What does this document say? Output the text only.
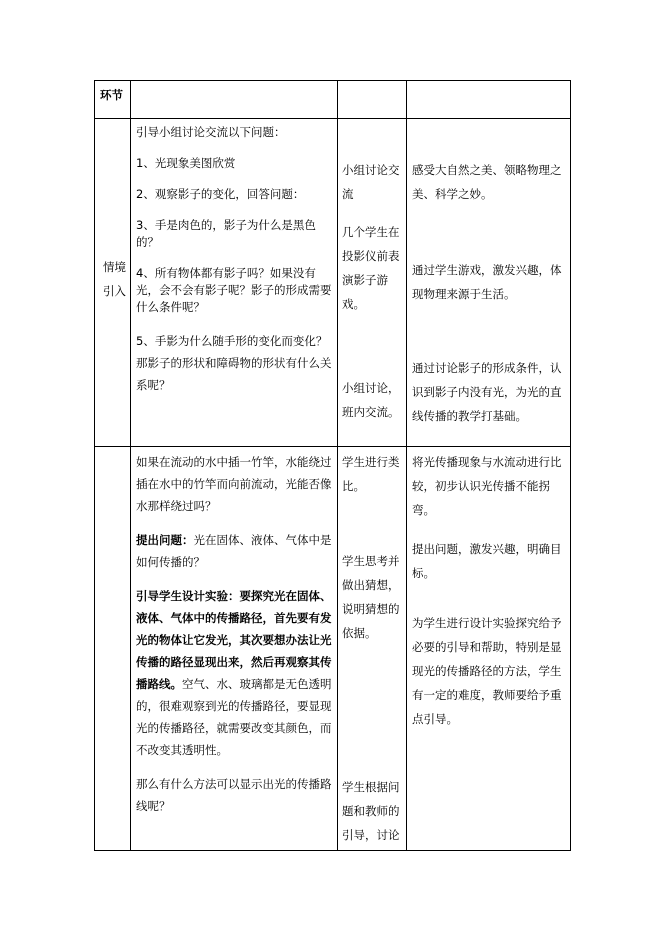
环节

情境

引入

引导小组讨论交流以下问题：

1、光现象美图欣赏

2、观察影子的变化，回答问题：

3、手是肉色的，影子为什么是黑色的？

4、所有物体都有影子吗？如果没有光，会不会有影子呢？影子的形成需要什么条件呢？

5、手影为什么随手形的变化而变化？那影子的形状和障碍物的形状有什么关系呢？

小组讨论交流
几个学生在投影仪前表演影子游戏。
小组讨论，班内交流。
感受大自然之美、领略物理之美、科学之妙。
通过学生游戏，激发兴趣，体现物理来源于生活。
通过讨论影子的形成条件，认识到影子内没有光，为光的直线传播的教学打基础。

如果在流动的水中插一竹竿，水能绕过插在水中的竹竿而向前流动，光能否像水那样绕过吗？

提出问题：光在固体、液体、气体中是如何传播的？

引导学生设计实验：要探究光在固体、液体、气体中的传播路径，首先要有发光的物体让它发光，其次要想办法让光传播的路径显现出来，然后再观察其传播路线。空气、水、玻璃都是无色透明的，很难观察到光的传播路径，要显现光的传播路径，就需要改变其颜色，而不改变其透明性。

那么有什么方法可以显示出光的传播路线呢？

学生进行类比。
学生思考并做出猜想，说明猜想的依据。
学生根据问题和教师的引导，讨论
将光传播现象与水流动进行比较，初步认识光传播不能拐弯。
提出问题，激发兴趣，明确目标。
为学生进行设计实验探究给予必要的引导和帮助，特别是显现光的传播路径的方法，学生有一定的难度，教师要给予重点引导。
